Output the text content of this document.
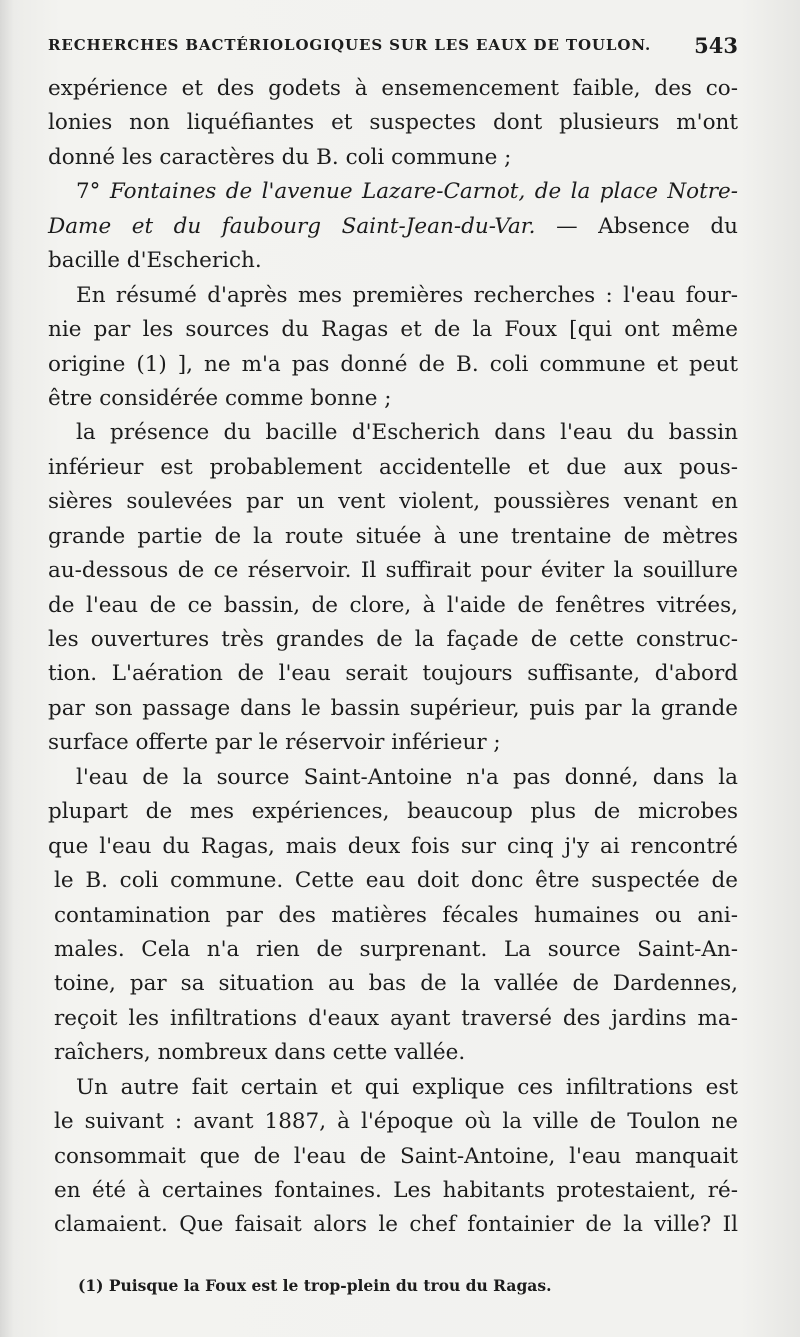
RECHERCHES BACTÉRIOLOGIQUES SUR LES EAUX DE TOULON. 543
expérience et des godets à ensemencement faible, des co-
lonies non liquéfiantes et suspectes dont plusieurs m'ont
donné les caractères du B. coli commune ;
7° Fontaines de l'avenue Lazare-Carnot, de la place Notre-
Dame et du faubourg Saint-Jean-du-Var. — Absence du
bacille d'Escherich.
En résumé d'après mes premières recherches : l'eau four-
nie par les sources du Ragas et de la Foux [qui ont même
origine (1) ], ne m'a pas donné de B. coli commune et peut
être considérée comme bonne ;
la présence du bacille d'Escherich dans l'eau du bassin
inférieur est probablement accidentelle et due aux pous-
sières soulevées par un vent violent, poussières venant en
grande partie de la route située à une trentaine de mètres
au-dessous de ce réservoir. Il suffirait pour éviter la souillure
de l'eau de ce bassin, de clore, à l'aide de fenêtres vitrées,
les ouvertures très grandes de la façade de cette construc-
tion. L'aération de l'eau serait toujours suffisante, d'abord
par son passage dans le bassin supérieur, puis par la grande
surface offerte par le réservoir inférieur ;
l'eau de la source Saint-Antoine n'a pas donné, dans la
plupart de mes expériences, beaucoup plus de microbes
que l'eau du Ragas, mais deux fois sur cinq j'y ai rencontré
le B. coli commune. Cette eau doit donc être suspectée de
contamination par des matières fécales humaines ou ani-
males. Cela n'a rien de surprenant. La source Saint-An-
toine, par sa situation au bas de la vallée de Dardennes,
reçoit les infiltrations d'eaux ayant traversé des jardins ma-
raîchers, nombreux dans cette vallée.
Un autre fait certain et qui explique ces infiltrations est
le suivant : avant 1887, à l'époque où la ville de Toulon ne
consommait que de l'eau de Saint-Antoine, l'eau manquait
en été à certaines fontaines. Les habitants protestaient, ré-
clamaient. Que faisait alors le chef fontainier de la ville? Il
(1) Puisque la Foux est le trop-plein du trou du Ragas.
